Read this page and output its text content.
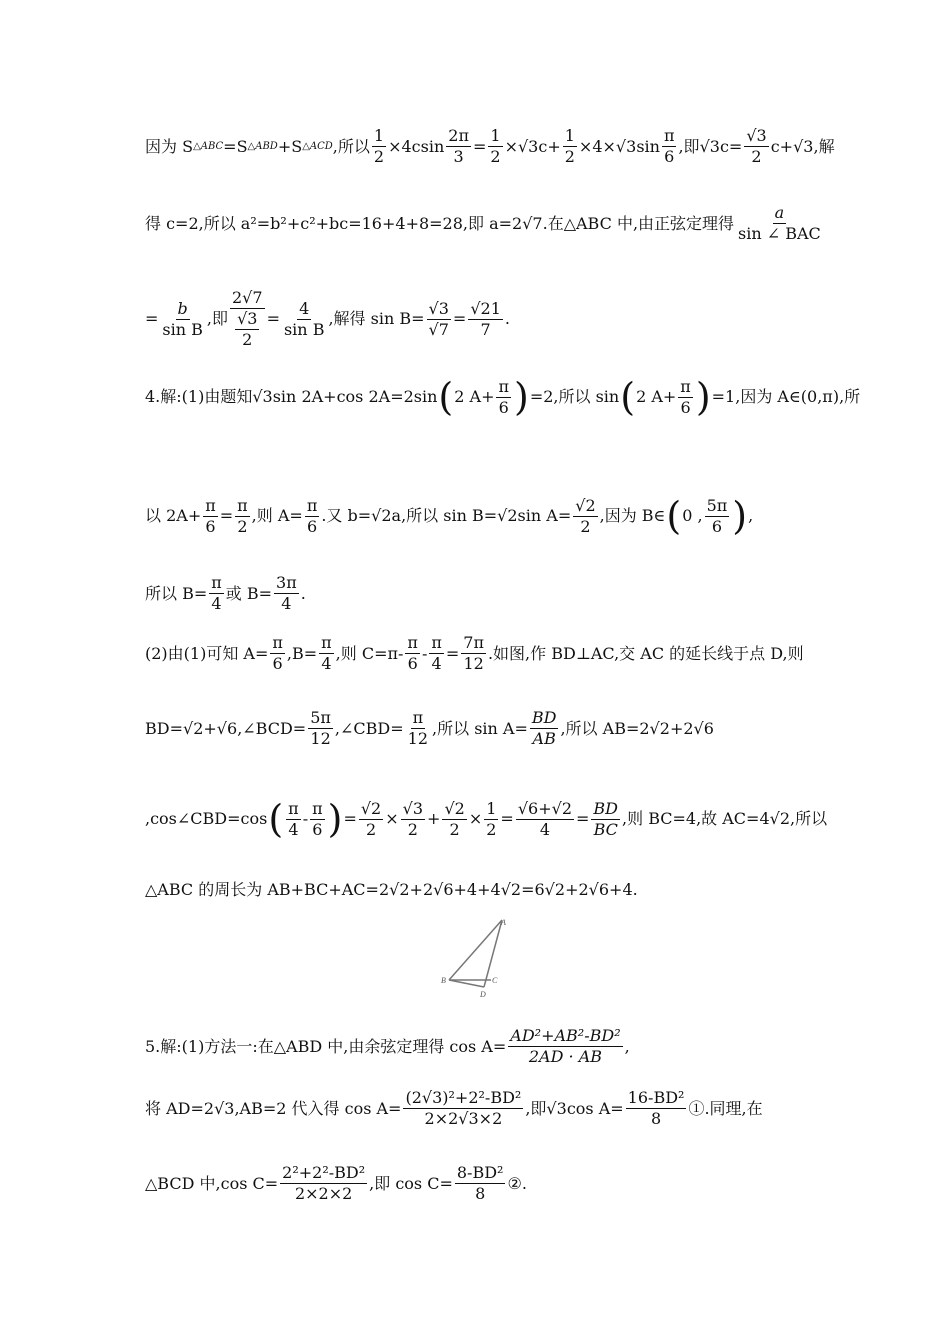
因为 S △ABC =S △ABD +S △ACD ,所以 $\frac{1}{2} \times 4csin \frac{2\pi}{3} = \frac{1}{2}$ × √ 3 $c+ \frac{1}{2} \times 4\times$ √ 3 $\sin \frac{\pi}{6}$ ,即 √ 3 c= √ $\frac{3}{2} c+$ √ 3 ,解
得 c=2,所以 a²=b²+c²+bc=16+4+8=28,即 a=2 √ 7 .在△ABC 中,由正弦定理得 $\frac{a}{\text{sin ∠ BAC}}$
= $\frac{b}{\text{sin B}}$ ,即 2 √ 7
√ $\frac{3}{2} = \frac{4}{\text{sin B}}$ ,解得 sin B= √ 3
√ 7 = √ $\frac{21}{7}$ .
4.解:(1)由题知 √ 3 sin 2A+cos 2A=2sin ( 2 $A+ \frac{\pi}{6}$ ) =2,所以 sin ( 2 $A+ \frac{\pi}{6}$ ) =1,因为 A∈(0,π),所
以 $2A+ \frac{\pi}{6} = \frac{\pi}{2}$ ,则 $A= \frac{\pi}{6}$ .又 b= √ 2 a,所以 sin B= √ 2 sin A= √ $\frac{2}{2}$ ,因为 B∈ ( 0 , $\frac{5\pi}{6}$ ) ,
所以 $B= \frac{\pi}{4}$ 或 $B= \frac{3\pi}{4}$ .
(2)由(1)可知 $A= \frac{\pi}{6} ,B= \frac{\pi}{4}$ ,则 $C=\pi- \frac{\pi}{6} - \frac{\pi}{4} = \frac{7\pi}{12}$ .如图,作 BD⊥AC,交 AC 的延长线于点 D,则
BD= √ 2 + √ 6 ,∠BCD= $\frac{5\pi}{12}$ ,∠CBD= $\frac{\pi}{12}$ ,所以 $\sin A= \frac{BD}{AB}$ ,所以 AB=2 √ 2 +2 √ 6
,cos∠CBD=cos ( $\frac{\pi}{4} - \frac{\pi}{6}$ ) = √ $\frac{2}{2}$ × √ $\frac{3}{2}$ + √ $\frac{2}{2} \times \frac{1}{2}$ = √ $\frac{6+ √ 2}{4} = \frac{BD}{BC}$ ,则 BC=4,故 AC=4 √ 2 ,所以
△ABC 的周长为 AB+BC+AC=2 √ 2 +2 √ 6 +4+4 √ 2 =6 √ 2 +2 √ 6 +4.
A
B	C
D
5.解:(1)方法一:在△ABD 中,由余弦定理得 $\cos A= \frac{\text{AD²+AB²-BD²}}{2AD \cdot AB}$ ,
将 AD=2 √ 3 ,AB=2 代入得 $\cos A= \frac{\text{(2√3)²+2²-BD²}}{2\times 2√3\times 2}$ ,即 √ 3 $\cos A= \frac{\text{16-BD²}}{8}$ ①.同理,在
△BCD 中,cos $C= \frac{\text{2²+2²-BD²}}{2\times 2\times 2}$ ,即 $\cos C= \frac{\text{8-BD²}}{8}$ ②.
